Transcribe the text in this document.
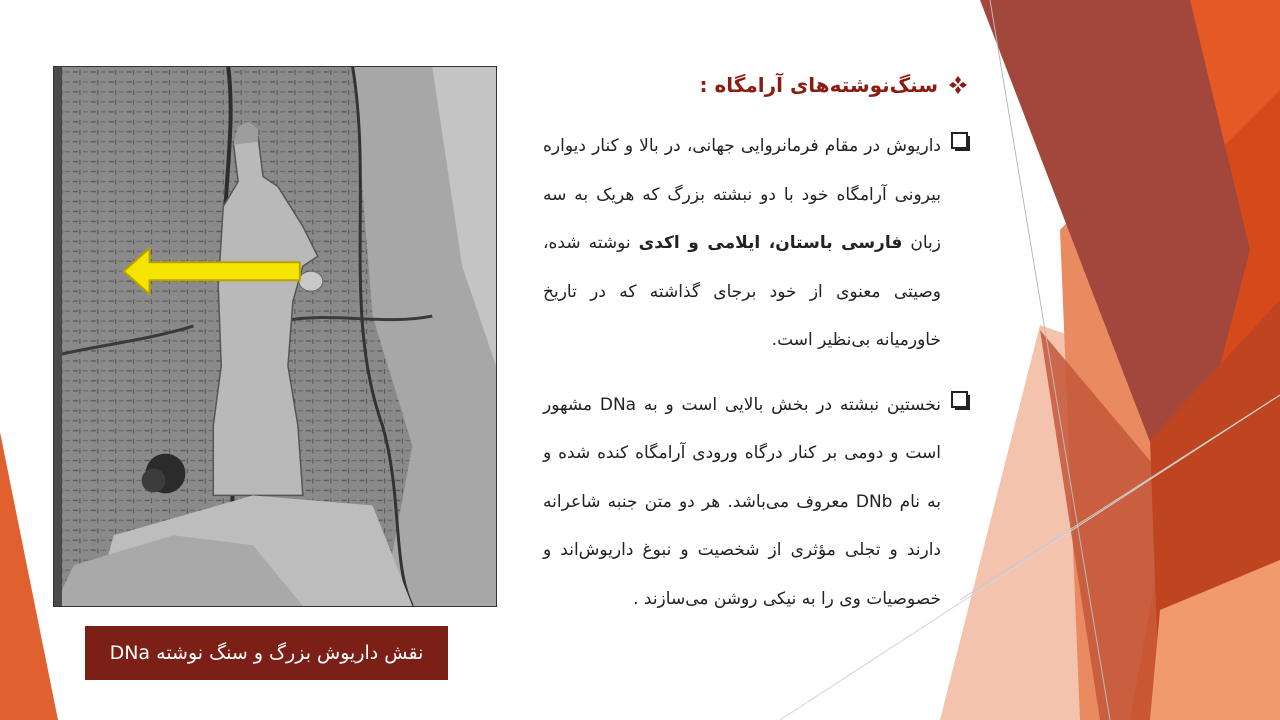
نقش داریوش بزرگ و سنگ نوشته DNa
سنگ‌نوشته‌های آرامگاه :
داریوش در مقام فرمانروایی جهانی، در بالا و کنار دیواره بیرونی آرامگاه خود با دو نبشته بزرگ که هریک به سه زبان فارسی باستان، ایلامی و اکدی نوشته شده، وصیتی معنوی از خود برجای گذاشته که در تاریخ خاورمیانه بی‌نظیر است.
نخستین نبشته در بخش بالایی است و به DNa مشهور است و دومی بر کنار درگاه ورودی آرامگاه کنده شده و به نام DNb معروف می‌باشد. هر دو متن جنبه شاعرانه دارند و تجلی مؤثری از شخصیت و نبوغ داریوش‌اند و خصوصیات وی را به نیکی روشن می‌سازند .
